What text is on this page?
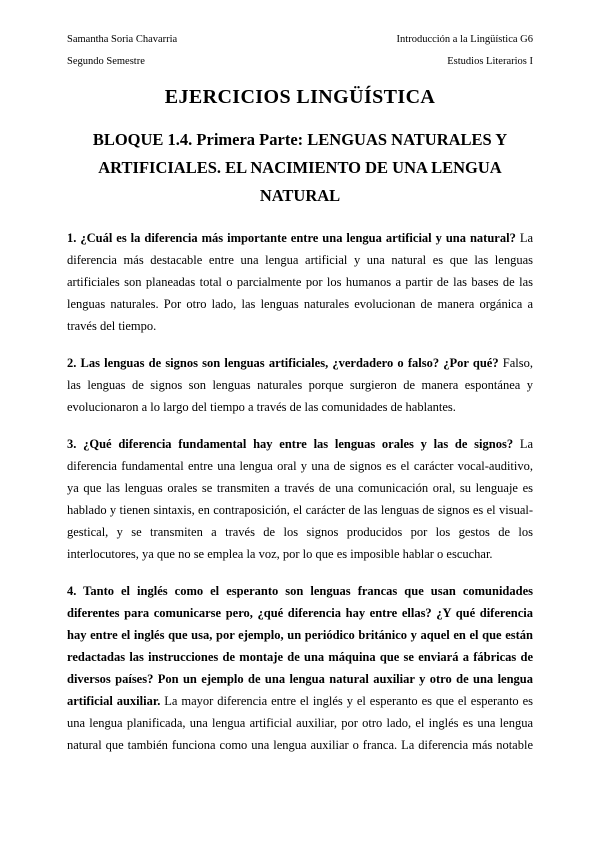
Samantha Soria Chavarria
Segundo Semestre
Introducción a la Lingüística G6
Estudios Literarios I
EJERCICIOS LINGÜÍSTICA
BLOQUE 1.4. Primera Parte: LENGUAS NATURALES Y
ARTIFICIALES. EL NACIMIENTO DE UNA LENGUA
NATURAL

1. ¿Cuál es la diferencia más importante entre una lengua artificial y una natural? La diferencia más destacable entre una lengua artificial y una natural es que las lenguas artificiales son planeadas total o parcialmente por los humanos a partir de las bases de las lenguas naturales. Por otro lado, las lenguas naturales evolucionan de manera orgánica a través del tiempo.

2. Las lenguas de signos son lenguas artificiales, ¿verdadero o falso? ¿Por qué? Falso, las lenguas de signos son lenguas naturales porque surgieron de manera espontánea y evolucionaron a lo largo del tiempo a través de las comunidades de hablantes.

3. ¿Qué diferencia fundamental hay entre las lenguas orales y las de signos? La diferencia fundamental entre una lengua oral y una de signos es el carácter vocal-auditivo, ya que las lenguas orales se transmiten a través de una comunicación oral, su lenguaje es hablado y tienen sintaxis, en contraposición, el carácter de las lenguas de signos es el visual-gestical, y se transmiten a través de los signos producidos por los gestos de los interlocutores, ya que no se emplea la voz, por lo que es imposible hablar o escuchar.

4. Tanto el inglés como el esperanto son lenguas francas que usan comunidades diferentes para comunicarse pero, ¿qué diferencia hay entre ellas? ¿Y qué diferencia hay entre el inglés que usa, por ejemplo, un periódico británico y aquel en el que están redactadas las instrucciones de montaje de una máquina que se enviará a fábricas de diversos países? Pon un ejemplo de una lengua natural auxiliar y otro de una lengua artificial auxiliar. La mayor diferencia entre el inglés y el esperanto es que el esperanto es una lengua planificada, una lengua artificial auxiliar, por otro lado, el inglés es una lengua natural que también funciona como una lengua auxiliar o franca. La diferencia más notable
